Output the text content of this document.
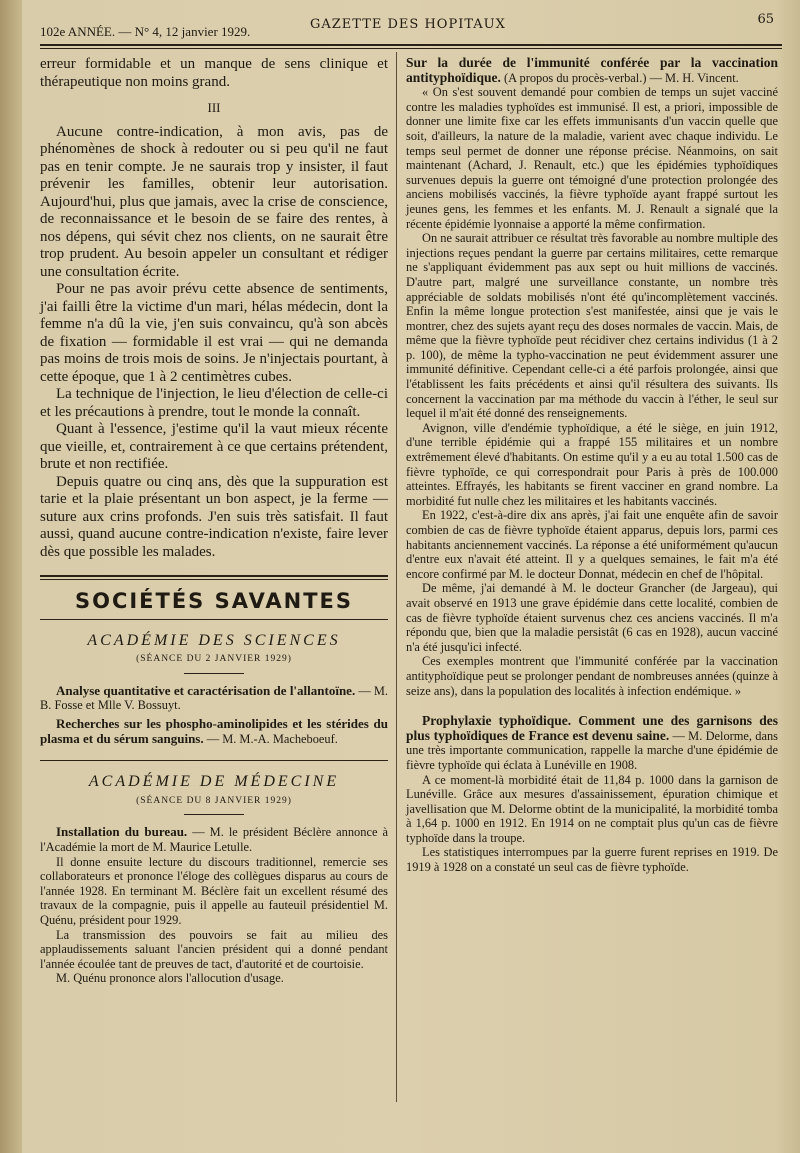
102e ANNÉE. — N° 4, 12 janvier 1929.	GAZETTE DES HOPITAUX	65

erreur formidable et un manque de sens clinique et thérapeutique non moins grand.

III

Aucune contre-indication, à mon avis, pas de phénomènes de shock à redouter ou si peu qu'il ne faut pas en tenir compte. Je ne saurais trop y insister, il faut prévenir les familles, obtenir leur autorisation. Aujourd'hui, plus que jamais, avec la crise de conscience, de reconnaissance et le besoin de se faire des rentes, à nos dépens, qui sévit chez nos clients, on ne saurait être trop prudent. Au besoin appeler un consultant et rédiger une consultation écrite.

Pour ne pas avoir prévu cette absence de sentiments, j'ai failli être la victime d'un mari, hélas médecin, dont la femme n'a dû la vie, j'en suis convaincu, qu'à son abcès de fixation — formidable il est vrai — qui ne demanda pas moins de trois mois de soins. Je n'injectais pourtant, à cette époque, que 1 à 2 centimètres cubes.

La technique de l'injection, le lieu d'élection de celle-ci et les précautions à prendre, tout le monde la connaît.

Quant à l'essence, j'estime qu'il la vaut mieux récente que vieille, et, contrairement à ce que certains prétendent, brute et non rectifiée.

Depuis quatre ou cinq ans, dès que la suppuration est tarie et la plaie présentant un bon aspect, je la ferme — suture aux crins profonds. J'en suis très satisfait. Il faut aussi, quand aucune contre-indication n'existe, faire lever dès que possible les malades.

SOCIÉTÉS SAVANTES
ACADÉMIE DES SCIENCES
(SÉANCE DU 2 JANVIER 1929)

Analyse quantitative et caractérisation de l'allantoïne. — M. B. Fosse et Mlle V. Bossuyt.

Recherches sur les phospho-aminolipides et les stérides du plasma et du sérum sanguins. — M. M.-A. Macheboeuf.

ACADÉMIE DE MÉDECINE
(SÉANCE DU 8 JANVIER 1929)

Installation du bureau. — M. le président Béclère annonce à l'Académie la mort de M. Maurice Letulle.

Il donne ensuite lecture du discours traditionnel, remercie ses collaborateurs et prononce l'éloge des collègues disparus au cours de l'année 1928. En terminant M. Béclère fait un excellent résumé des travaux de la compagnie, puis il appelle au fauteuil présidentiel M. Quénu, président pour 1929.

La transmission des pouvoirs se fait au milieu des applaudissements saluant l'ancien président qui a donné pendant l'année écoulée tant de preuves de tact, d'autorité et de courtoisie.

M. Quénu prononce alors l'allocution d'usage.

Sur la durée de l'immunité conférée par la vaccination antityphoïdique. (A propos du procès-verbal.) — M. H. Vincent.

« On s'est souvent demandé pour combien de temps un sujet vacciné contre les maladies typhoïdes est immunisé. Il est, a priori, impossible de donner une limite fixe car les effets immunisants d'un vaccin quelle que soit, d'ailleurs, la nature de la maladie, varient avec chaque individu. Le temps seul permet de donner une réponse précise. Néanmoins, on sait maintenant (Achard, J. Renault, etc.) que les épidémies typhoïdiques survenues depuis la guerre ont témoigné d'une protection prolongée des anciens mobilisés vaccinés, la fièvre typhoïde ayant frappé surtout les jeunes gens, les femmes et les enfants. M. J. Renault a signalé que la récente épidémie lyonnaise a apporté la même confirmation.

On ne saurait attribuer ce résultat très favorable au nombre multiple des injections reçues pendant la guerre par certains militaires, cette remarque ne s'appliquant évidemment pas aux sept ou huit millions de vaccinés. D'autre part, malgré une surveillance constante, un nombre très appréciable de soldats mobilisés n'ont été qu'incomplètement vaccinés. Enfin la même longue protection s'est manifestée, ainsi que je vais le montrer, chez des sujets ayant reçu des doses normales de vaccin. Mais, de même que la fièvre typhoïde peut récidiver chez certains individus (1 à 2 p. 100), de même la typho-vaccination ne peut évidemment assurer une immunité définitive. Cependant celle-ci a été parfois prolongée, ainsi que l'établissent les faits précédents et ainsi qu'il résultera des suivants. Ils concernent la vaccination par ma méthode du vaccin à l'éther, le seul sur lequel il m'ait été donné des renseignements.

Avignon, ville d'endémie typhoïdique, a été le siège, en juin 1912, d'une terrible épidémie qui a frappé 155 militaires et un nombre extrêmement élevé d'habitants. On estime qu'il y a eu au total 1.500 cas de fièvre typhoïde, ce qui correspondrait pour Paris à près de 100.000 atteintes. Effrayés, les habitants se firent vacciner en grand nombre. La morbidité fut nulle chez les militaires et les habitants vaccinés.

En 1922, c'est-à-dire dix ans après, j'ai fait une enquête afin de savoir combien de cas de fièvre typhoïde étaient apparus, depuis lors, parmi ces habitants anciennement vaccinés. La réponse a été uniformément qu'aucun d'entre eux n'avait été atteint. Il y a quelques semaines, le fait m'a été encore confirmé par M. le docteur Donnat, médecin en chef de l'hôpital.

De même, j'ai demandé à M. le docteur Grancher (de Jargeau), qui avait observé en 1913 une grave épidémie dans cette localité, combien de cas de fièvre typhoïde étaient survenus chez ces anciens vaccinés. Il m'a répondu que, bien que la maladie persistât (6 cas en 1928), aucun vacciné n'a été jusqu'ici infecté.

Ces exemples montrent que l'immunité conférée par la vaccination antityphoïdique peut se prolonger pendant de nombreuses années (quinze à seize ans), dans la population des localités à infection endémique. »

Prophylaxie typhoïdique. Comment une des garnisons des plus typhoïdiques de France est devenu saine. — M. Delorme, dans une très importante communication, rappelle la marche d'une épidémie de fièvre typhoïde qui éclata à Lunéville en 1908.

A ce moment-là morbidité était de 11,84 p. 1000 dans la garnison de Lunéville. Grâce aux mesures d'assainissement, épuration chimique et javellisation que M. Delorme obtint de la municipalité, la morbidité tomba à 1,64 p. 1000 en 1912. En 1914 on ne comptait plus qu'un cas de fièvre typhoïde dans la troupe.

Les statistiques interrompues par la guerre furent reprises en 1919. De 1919 à 1928 on a constaté un seul cas de fièvre typhoïde.
